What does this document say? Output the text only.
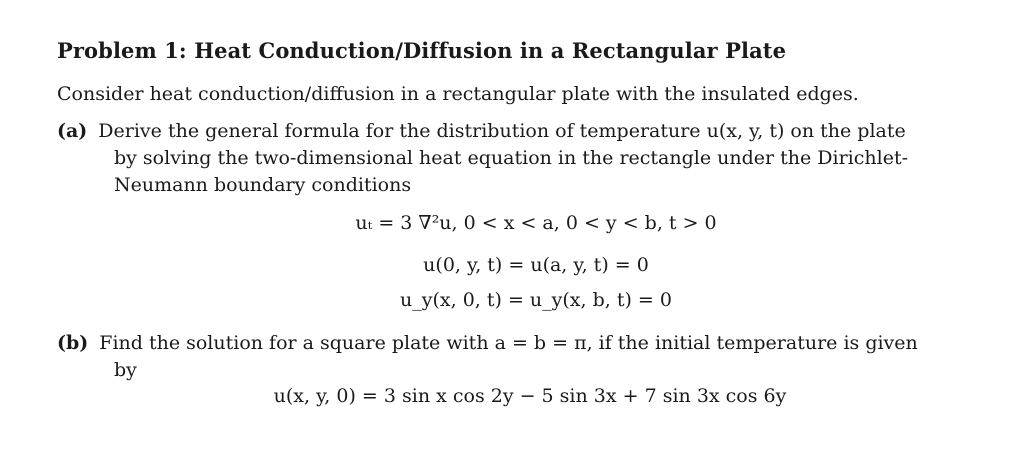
Problem 1: Heat Conduction/Diffusion in a Rectangular Plate
Consider heat conduction/diffusion in a rectangular plate with the insulated edges.
(a) Derive the general formula for the distribution of temperature u(x, y, t) on the plate
by solving the two-dimensional heat equation in the rectangle under the Dirichlet-
Neumann boundary conditions
uₜ = 3 ∇²u, 0 < x < a, 0 < y < b, t > 0
u(0, y, t) = u(a, y, t) = 0
u_y(x, 0, t) = u_y(x, b, t) = 0
(b) Find the solution for a square plate with a = b = π, if the initial temperature is given
by
u(x, y, 0) = 3 sin x cos 2y − 5 sin 3x + 7 sin 3x cos 6y
